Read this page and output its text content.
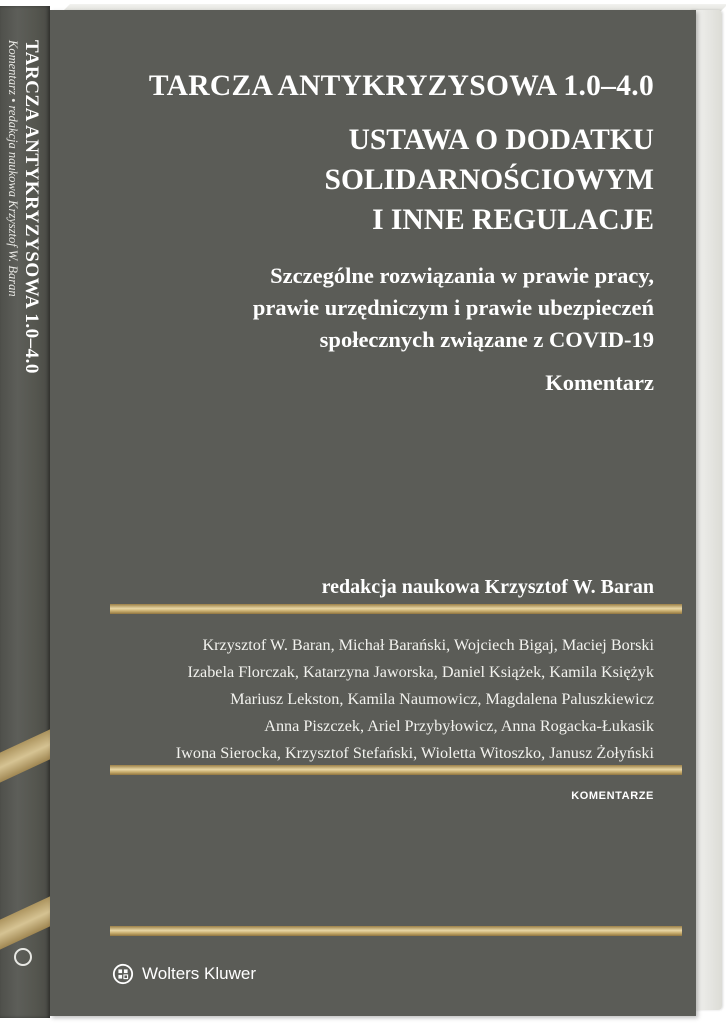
TARCZA ANTYKRYZYSOWA 1.0–4.0
Komentarz • redakcja naukowa Krzysztof W. Baran	TARCZA ANTYKRYZYSOWA 1.0–4.0
USTAWA O DODATKU
SOLIDARNOŚCIOWYM
I INNE REGULACJE
Szczególne rozwiązania w prawie pracy,
prawie urzędniczym i prawie ubezpieczeń
społecznych związane z COVID-19
Komentarz
redakcja naukowa Krzysztof W. Baran
Krzysztof W. Baran, Michał Barański, Wojciech Bigaj, Maciej Borski
Izabela Florczak, Katarzyna Jaworska, Daniel Książek, Kamila Księżyk
Mariusz Lekston, Kamila Naumowicz, Magdalena Paluszkiewicz
Anna Piszczek, Ariel Przybyłowicz, Anna Rogacka-Łukasik
Iwona Sierocka, Krzysztof Stefański, Wioletta Witoszko, Janusz Żołyński
KOMENTARZE
Wolters Kluwer
